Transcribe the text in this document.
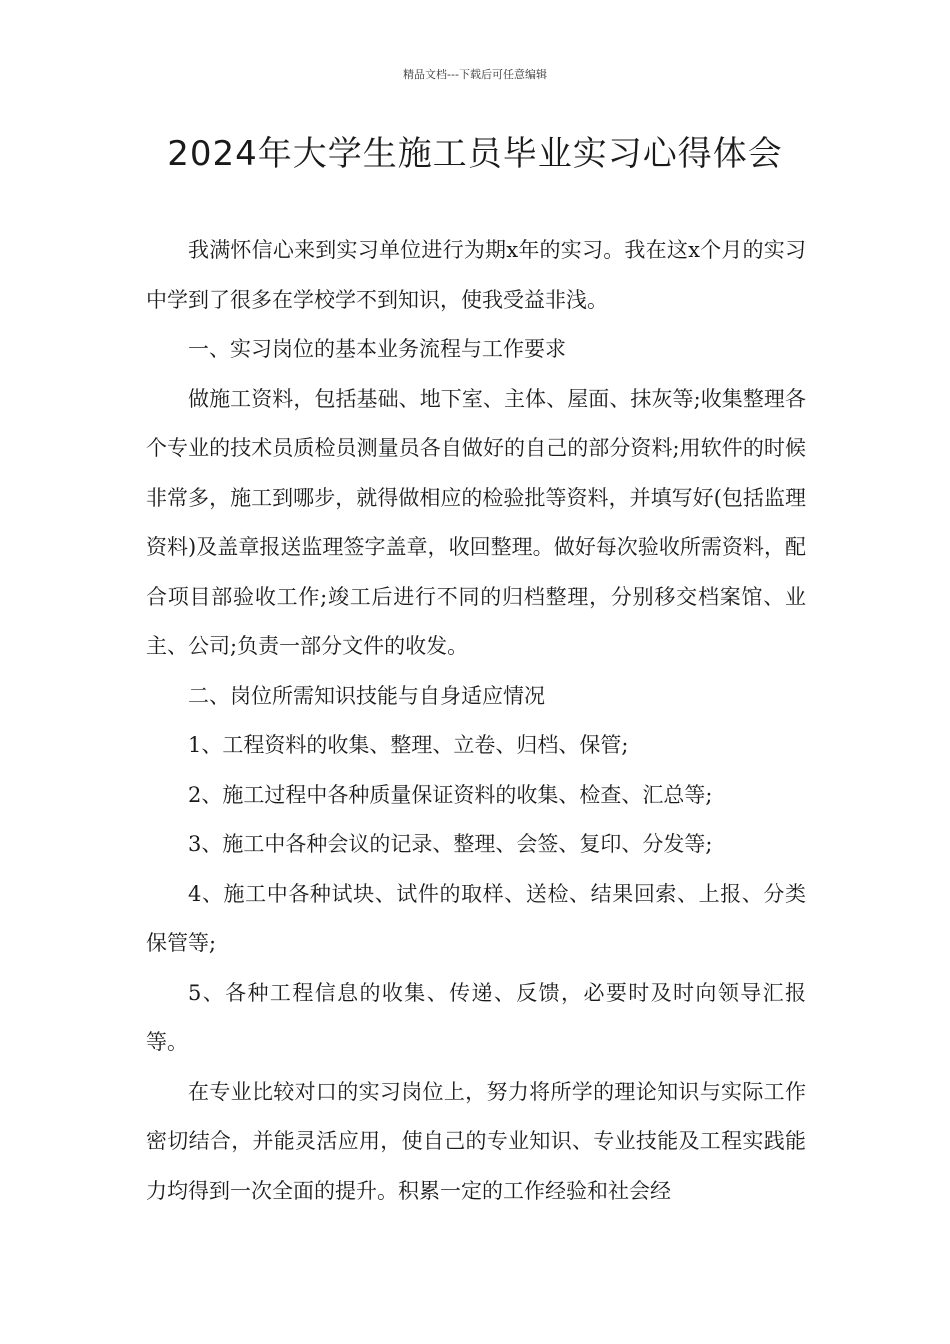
精品文档---下载后可任意编辑
2024年大学生施工员毕业实习心得体会

我满怀信心来到实习单位进行为期x年的实习。我在这x个月的实习中学到了很多在学校学不到知识，使我受益非浅。

一、实习岗位的基本业务流程与工作要求

做施工资料，包括基础、地下室、主体、屋面、抹灰等;收集整理各个专业的技术员质检员测量员各自做好的自己的部分资料;用软件的时候非常多，施工到哪步，就得做相应的检验批等资料，并填写好(包括监理资料)及盖章报送监理签字盖章，收回整理。做好每次验收所需资料，配合项目部验收工作;竣工后进行不同的归档整理，分别移交档案馆、业主、公司;负责一部分文件的收发。

二、岗位所需知识技能与自身适应情况

1、工程资料的收集、整理、立卷、归档、保管;

2、施工过程中各种质量保证资料的收集、检查、汇总等;

3、施工中各种会议的记录、整理、会签、复印、分发等;

4、施工中各种试块、试件的取样、送检、结果回索、上报、分类保管等;

5、各种工程信息的收集、传递、反馈，必要时及时向领导汇报等。

在专业比较对口的实习岗位上，努力将所学的理论知识与实际工作密切结合，并能灵活应用，使自己的专业知识、专业技能及工程实践能力均得到一次全面的提升。积累一定的工作经验和社会经
